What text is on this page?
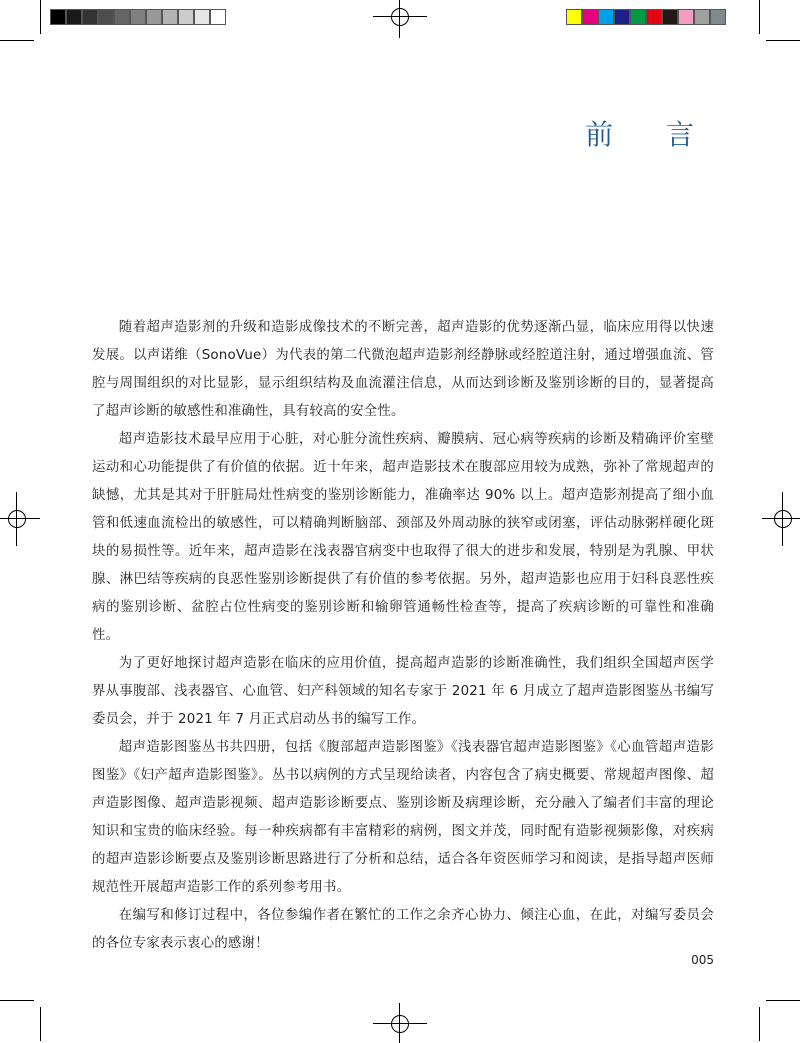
前 言

随着超声造影剂的升级和造影成像技术的不断完善，超声造影的优势逐渐凸显，临床应用得以快速发展。以声诺维（SonoVue）为代表的第二代微泡超声造影剂经静脉或经腔道注射，通过增强血流、管腔与周围组织的对比显影，显示组织结构及血流灌注信息，从而达到诊断及鉴别诊断的目的，显著提高了超声诊断的敏感性和准确性，具有较高的安全性。

超声造影技术最早应用于心脏，对心脏分流性疾病、瓣膜病、冠心病等疾病的诊断及精确评价室壁运动和心功能提供了有价值的依据。近十年来，超声造影技术在腹部应用较为成熟，弥补了常规超声的缺憾，尤其是其对于肝脏局灶性病变的鉴别诊断能力，准确率达 90% 以上。超声造影剂提高了细小血管和低速血流检出的敏感性，可以精确判断脑部、颈部及外周动脉的狭窄或闭塞，评估动脉粥样硬化斑块的易损性等。近年来，超声造影在浅表器官病变中也取得了很大的进步和发展，特别是为乳腺、甲状腺、淋巴结等疾病的良恶性鉴别诊断提供了有价值的参考依据。另外，超声造影也应用于妇科良恶性疾病的鉴别诊断、盆腔占位性病变的鉴别诊断和输卵管通畅性检查等，提高了疾病诊断的可靠性和准确性。

为了更好地探讨超声造影在临床的应用价值，提高超声造影的诊断准确性，我们组织全国超声医学界从事腹部、浅表器官、心血管、妇产科领域的知名专家于 2021 年 6 月成立了超声造影图鉴丛书编写委员会，并于 2021 年 7 月正式启动丛书的编写工作。

超声造影图鉴丛书共四册，包括《腹部超声造影图鉴》《浅表器官超声造影图鉴》《心血管超声造影图鉴》《妇产超声造影图鉴》。丛书以病例的方式呈现给读者，内容包含了病史概要、常规超声图像、超声造影图像、超声造影视频、超声造影诊断要点、鉴别诊断及病理诊断，充分融入了编者们丰富的理论知识和宝贵的临床经验。每一种疾病都有丰富精彩的病例，图文并茂，同时配有造影视频影像，对疾病的超声造影诊断要点及鉴别诊断思路进行了分析和总结，适合各年资医师学习和阅读，是指导超声医师规范性开展超声造影工作的系列参考用书。

在编写和修订过程中，各位参编作者在繁忙的工作之余齐心协力、倾注心血，在此，对编写委员会的各位专家表示衷心的感谢！

005
